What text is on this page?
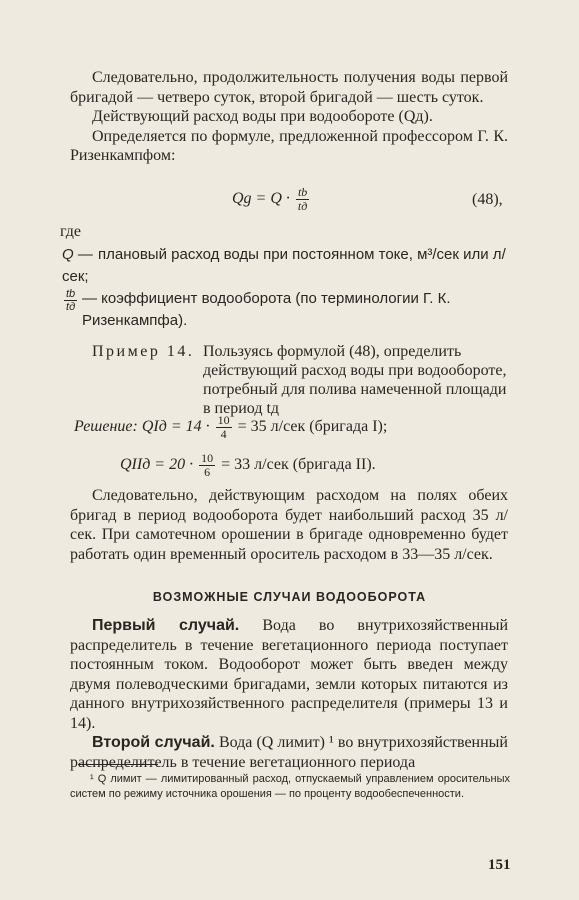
Следовательно, продолжительность получения воды первой бригадой — четверо суток, второй бригадой — шесть суток.

Действующий расход воды при водообороте (Qд).

Определяется по формуле, предложенной профессором Г. К. Ризенкампфом:

$Qg = Q \cdot \frac{tb}{tд}$	(48),
где
Q — плановый расход воды при постоянном токе, м³/сек или л/сек;
$\frac{tb}{tд}$ — коэффициент водооборота (по терминологии Г. К. Ризенкампфа).
Пример 14. Пользуясь формулой (48), определить действующий расход воды при водообороте, потребный для полива намеченной площади в период tд
Решение: QIд = $14 \cdot \frac{10}{4} = 35$ л/сек (бригада I);
QIIд = $20 \cdot \frac{10}{6} = 33$ л/сек (бригада II).

Следовательно, действующим расходом на полях обеих бригад в период водооборота будет наибольший расход 35 л/сек. При самотечном орошении в бригаде одновременно будет работать один временный ороситель расходом в 33—35 л/сек.

ВОЗМОЖНЫЕ СЛУЧАИ ВОДООБОРОТА

Первый случай. Вода во внутрихозяйственный распределитель в течение вегетационного периода поступает постоянным током. Водооборот может быть введен между двумя полеводческими бригадами, земли которых питаются из данного внутрихозяйственного распределителя (примеры 13 и 14).

Второй случай. Вода (Q лимит) ¹ во внутрихозяйственный распределитель в течение вегетационного периода

¹ Q лимит — лимитированный расход, отпускаемый управлением оросительных систем по режиму источника орошения — по проценту водообеспеченности.

151
